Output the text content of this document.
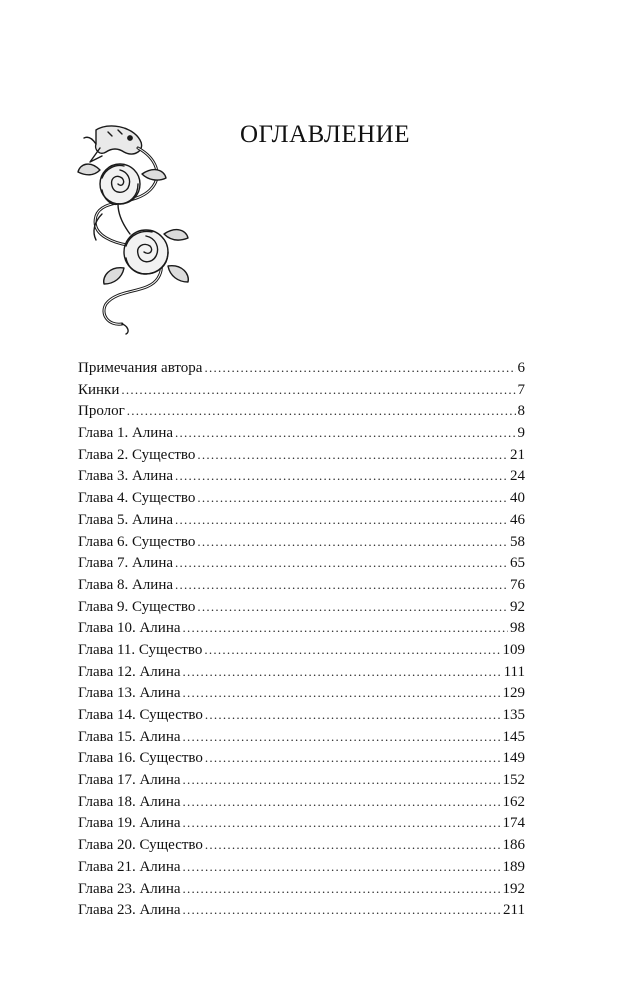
ОГЛАВЛЕНИЕ
Примечания автора . . .	6
Кинки . . .	7
Пролог . . .	8
Глава 1. Алина . . .	9
Глава 2. Существо . . .	21
Глава 3. Алина . . .	24
Глава 4. Существо . . .	40
Глава 5. Алина . . .	46
Глава 6. Существо . . .	58
Глава 7. Алина . . .	65
Глава 8. Алина . . .	76
Глава 9. Существо . . .	92
Глава 10. Алина . . .	98
Глава 11. Существо . . .	109
Глава 12. Алина . . .	111
Глава 13. Алина . . .	129
Глава 14. Существо . . .	135
Глава 15. Алина . . .	145
Глава 16. Существо . . .	149
Глава 17. Алина . . .	152
Глава 18. Алина . . .	162
Глава 19. Алина . . .	174
Глава 20. Существо . . .	186
Глава 21. Алина . . .	189
Глава 23. Алина . . .	192
Глава 23. Алина . . .	211
